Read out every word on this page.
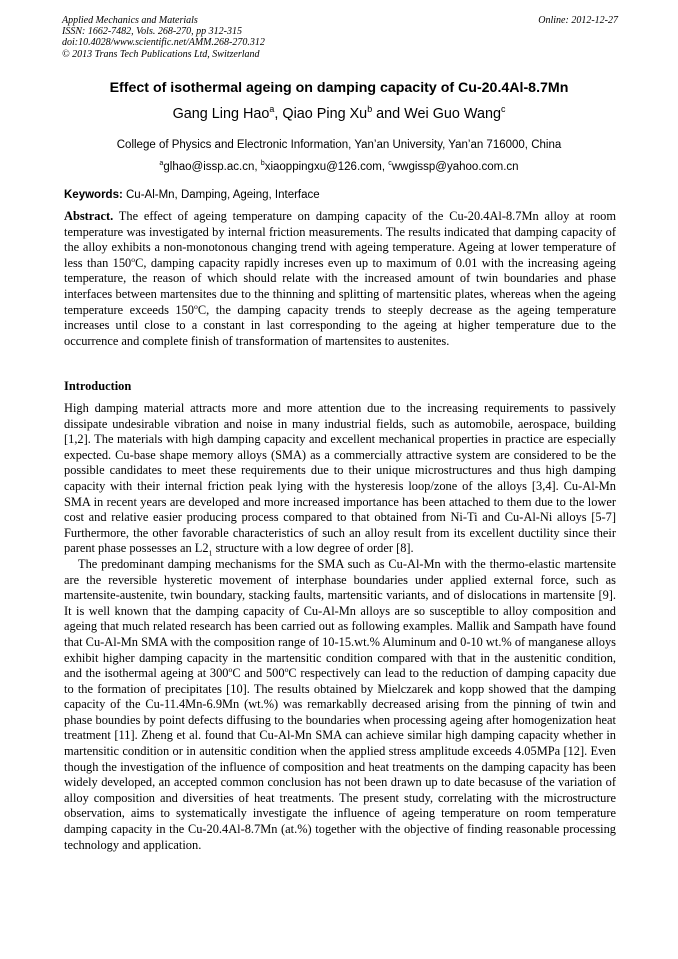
Applied Mechanics and Materials
ISSN: 1662-7482, Vols. 268-270, pp 312-315
doi:10.4028/www.scientific.net/AMM.268-270.312
© 2013 Trans Tech Publications Ltd, Switzerland
Online: 2012-12-27
Effect of isothermal ageing on damping capacity of Cu-20.4Al-8.7Mn
Gang Ling Hao$^a$, Qiao Ping Xu$^b$ and Wei Guo Wang$^c$
College of Physics and Electronic Information, Yan’an University, Yan’an 716000, China
$^a$glhao@issp.ac.cn, $^b$xiaoppingxu@126.com, $^c$wwgissp@yahoo.com.cn
Keywords: Cu-Al-Mn, Damping, Ageing, Interface
Abstract. The effect of ageing temperature on damping capacity of the Cu-20.4Al-8.7Mn alloy at room temperature was investigated by internal friction measurements. The results indicated that damping capacity of the alloy exhibits a non-monotonous changing trend with ageing temperature. Ageing at lower temperature of less than 150$^o$C, damping capacity rapidly increses even up to maximum of 0.01 with the increasing ageing temperature, the reason of which should relate with the increased amount of twin boundaries and phase interfaces between martensites due to the thinning and splitting of martensitic plates, whereas when the ageing temperature exceeds 150$^o$C, the damping capacity trends to steeply decrease as the ageing temperature increases until close to a constant in last corresponding to the ageing at higher temperature due to the occurrence and complete finish of transformation of martensites to austenites.
Introduction

High damping material attracts more and more attention due to the increasing requirements to passively dissipate undesirable vibration and noise in many industrial fields, such as automobile, aerospace, building [1,2]. The materials with high damping capacity and excellent mechanical properties in practice are especially expected. Cu-base shape memory alloys (SMA) as a commercially attractive system are considered to be the possible candidates to meet these requirements due to their unique microstructures and thus high damping capacity with their internal friction peak lying with the hysteresis loop/zone of the alloys [3,4]. Cu-Al-Mn SMA in recent years are developed and more increased importance has been attached to them due to the lower cost and relative easier producing process compared to that obtained from Ni-Ti and Cu-Al-Ni alloys [5-7] Furthermore, the other favorable characteristics of such an alloy result from its excellent ductility since their parent phase possesses an $L2_1$ structure with a low degree of order [8].

The predominant damping mechanisms for the SMA such as Cu-Al-Mn with the thermo-elastic martensite are the reversible hysteretic movement of interphase boundaries under applied external force, such as martensite-austenite, twin boundary, stacking faults, martensitic variants, and of dislocations in martensite [9]. It is well known that the damping capacity of Cu-Al-Mn alloys are so susceptible to alloy composition and ageing that much related research has been carried out as following examples. Mallik and Sampath have found that Cu-Al-Mn SMA with the composition range of 10-15.wt.% Aluminum and 0-10 wt.% of manganese alloys exhibit higher damping capacity in the martensitic condition compared with that in the austenitic condition, and the isothermal ageing at 300$^o$C and 500$^o$C respectively can lead to the reduction of damping capacity due to the formation of precipitates [10]. The results obtained by Mielczarek and kopp showed that the damping capacity of the Cu-11.4Mn-6.9Mn (wt.%) was remarkablly decreased arising from the pinning of twin and phase boundies by point defects diffusing to the boundaries when processing ageing after homogenization heat treatment [11]. Zheng et al. found that Cu-Al-Mn SMA can achieve similar high damping capacity whether in martensitic condition or in autensitic condition when the applied stress amplitude exceeds 4.05MPa [12]. Even though the investigation of the influence of composition and heat treatments on the damping capacity has been widely developed, an accepted common conclusion has not been drawn up to date becasuse of the variation of alloy composition and diversities of heat treatments. The present study, correlating with the microstructure observation, aims to systematically investigate the influence of ageing temperature on room temperature damping capacity in the Cu-20.4Al-8.7Mn (at.%) together with the objective of finding reasonable processing technology and application.
